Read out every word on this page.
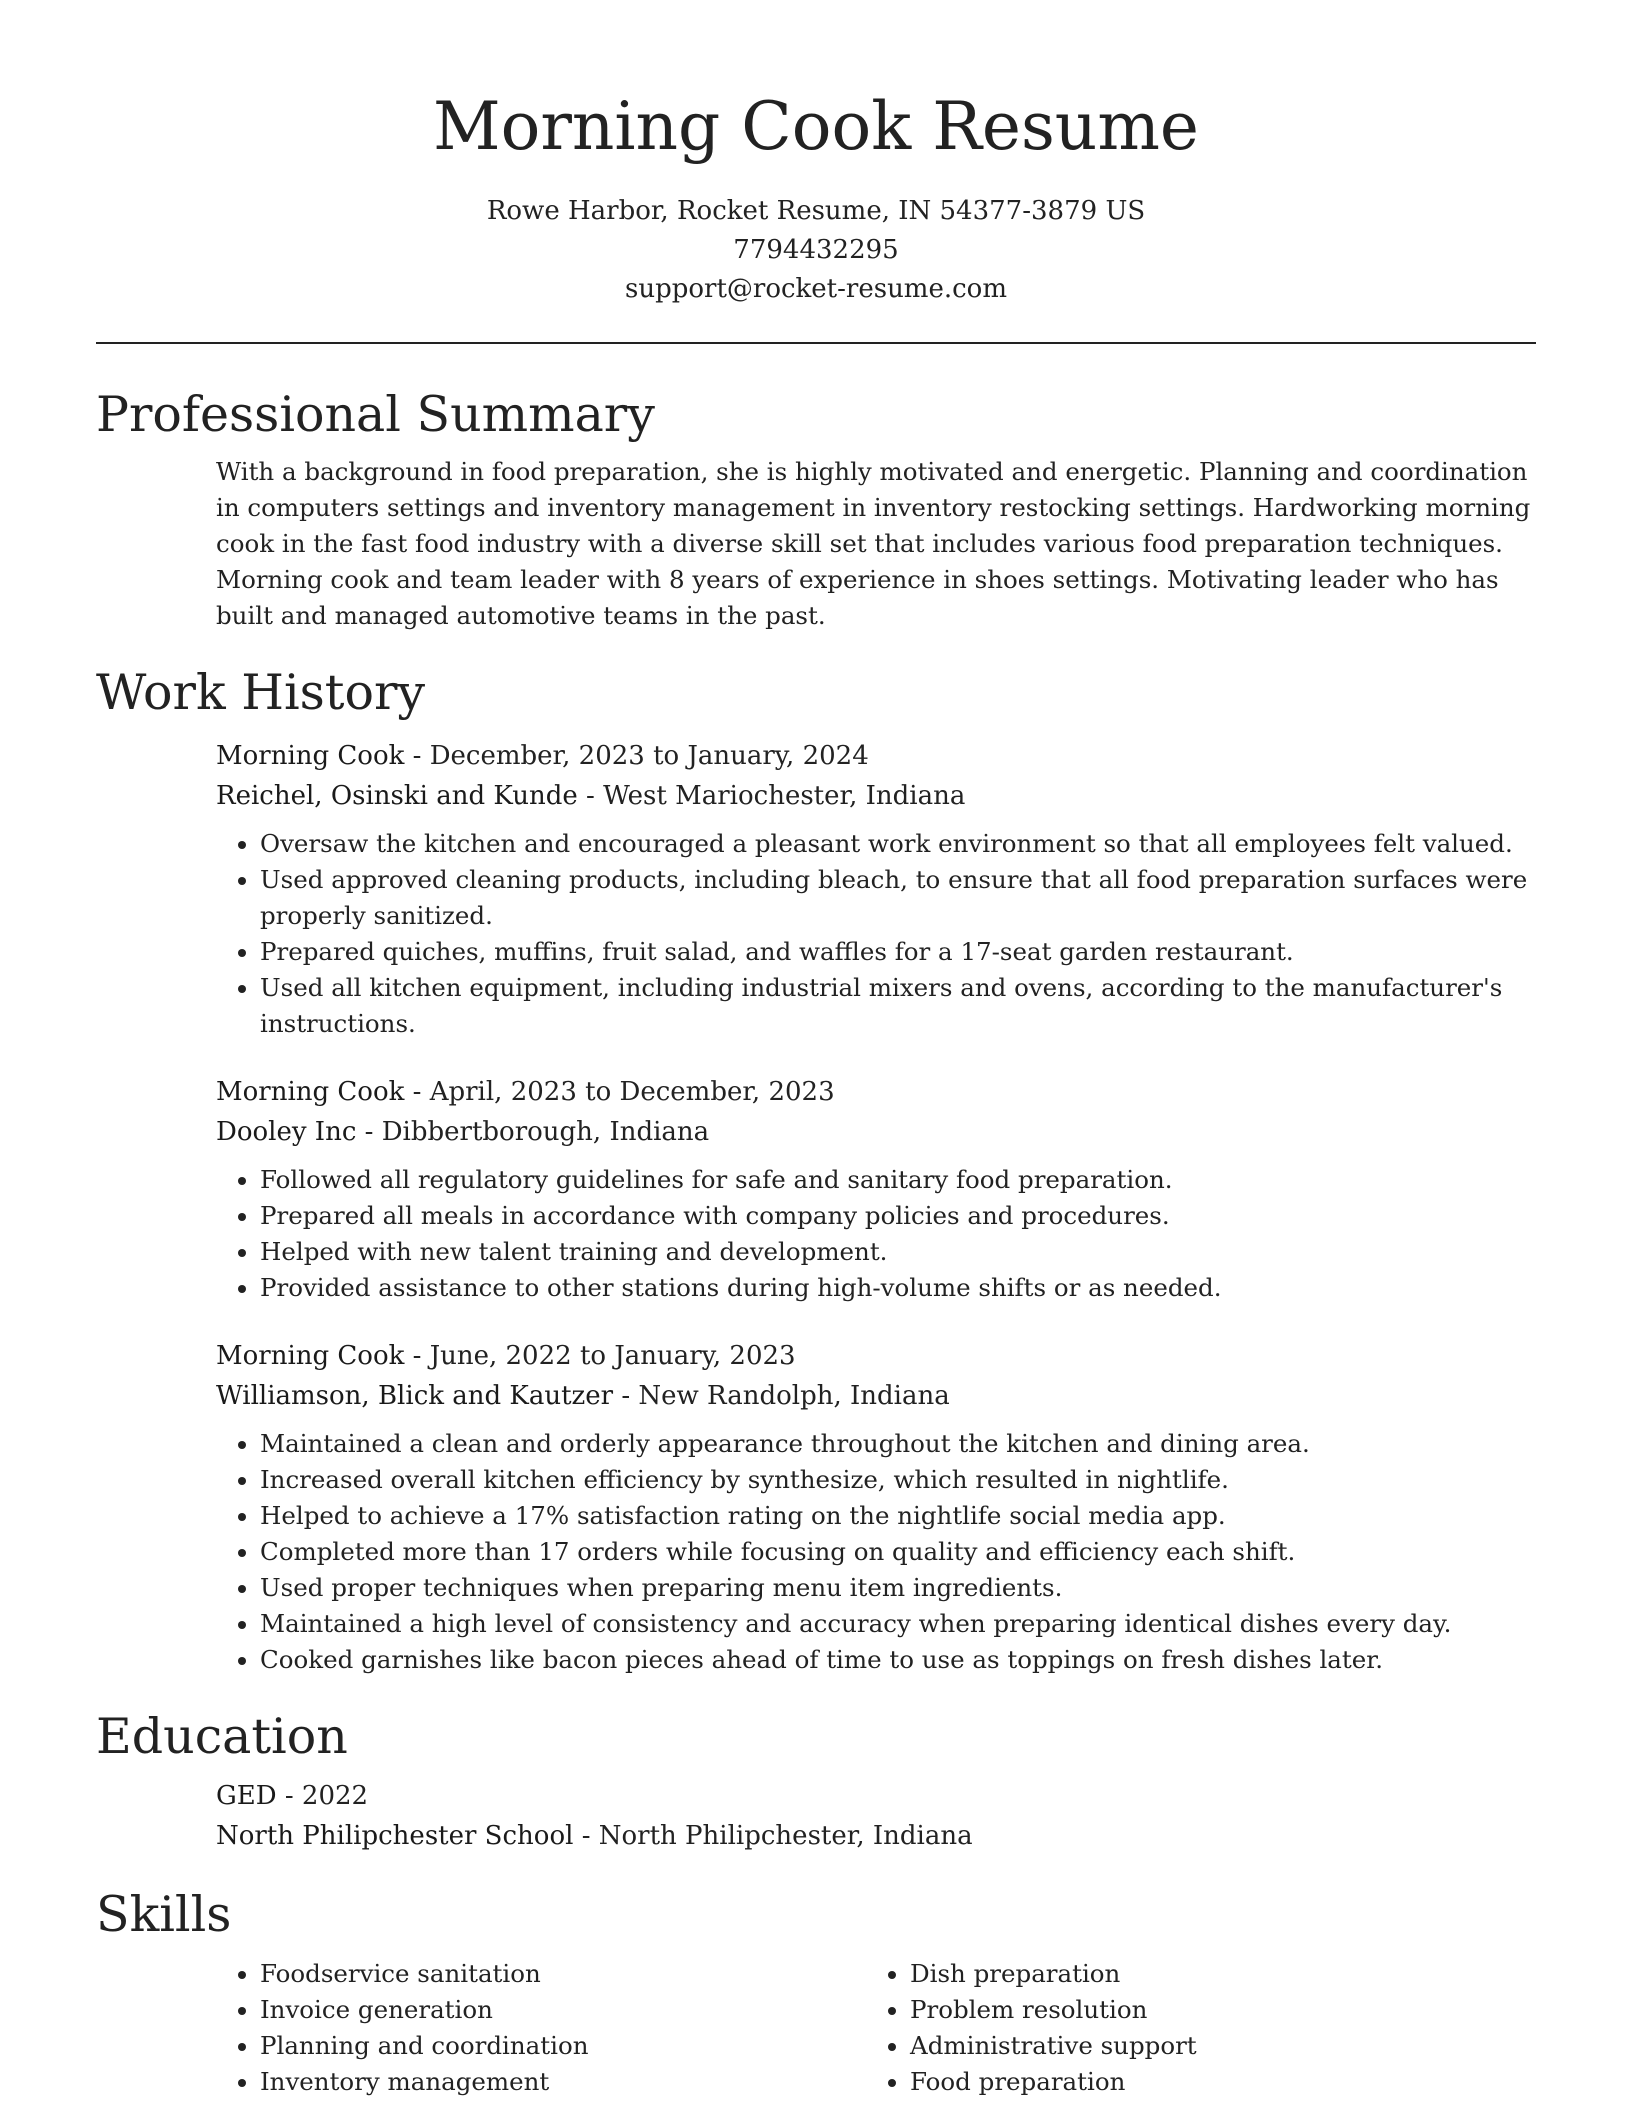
Morning Cook Resume

Rowe Harbor, Rocket Resume, IN 54377-3879 US

7794432295

support@rocket-resume.com

Professional Summary

With a background in food preparation, she is highly motivated and energetic. Planning and coordination in computers settings and inventory management in inventory restocking settings. Hardworking morning cook in the fast food industry with a diverse skill set that includes various food preparation techniques. Morning cook and team leader with 8 years of experience in shoes settings. Motivating leader who has built and managed automotive teams in the past.

Work History

Morning Cook - December, 2023 to January, 2024

Reichel, Osinski and Kunde - West Mariochester, Indiana

• Oversaw the kitchen and encouraged a pleasant work environment so that all employees felt valued.
• Used approved cleaning products, including bleach, to ensure that all food preparation surfaces were properly sanitized.
• Prepared quiches, muffins, fruit salad, and waffles for a 17-seat garden restaurant.
• Used all kitchen equipment, including industrial mixers and ovens, according to the manufacturer's instructions.

Morning Cook - April, 2023 to December, 2023

Dooley Inc - Dibbertborough, Indiana

• Followed all regulatory guidelines for safe and sanitary food preparation.
• Prepared all meals in accordance with company policies and procedures.
• Helped with new talent training and development.
• Provided assistance to other stations during high-volume shifts or as needed.

Morning Cook - June, 2022 to January, 2023

Williamson, Blick and Kautzer - New Randolph, Indiana

• Maintained a clean and orderly appearance throughout the kitchen and dining area.
• Increased overall kitchen efficiency by synthesize, which resulted in nightlife.
• Helped to achieve a 17% satisfaction rating on the nightlife social media app.
• Completed more than 17 orders while focusing on quality and efficiency each shift.
• Used proper techniques when preparing menu item ingredients.
• Maintained a high level of consistency and accuracy when preparing identical dishes every day.
• Cooked garnishes like bacon pieces ahead of time to use as toppings on fresh dishes later.
Education

GED - 2022

North Philipchester School - North Philipchester, Indiana

Skills
• Foodservice sanitation
• Invoice generation
• Planning and coordination
• Inventory management
• Dish preparation
• Problem resolution
• Administrative support
• Food preparation
